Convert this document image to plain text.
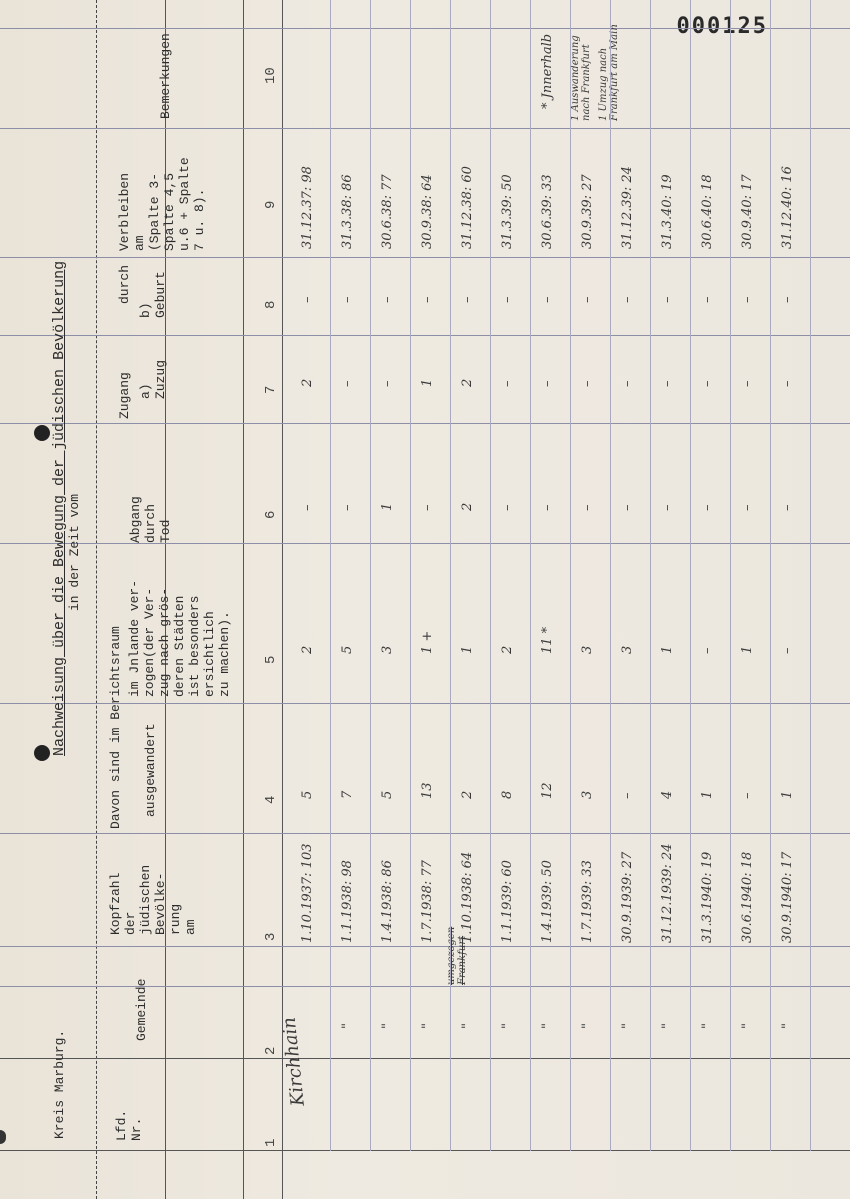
000125
Kreis Marburg.
Nachweisung über die Bewegung der jüdischen Bevölkerung in der Zeit vom
Lfd.
Nr.
Gemeinde
Kopfzahl
der
jüdischen
Bevölke-
rung
am
Davon sind im Berichtsraum ausgewandert
im Jnlande ver-
zogen(der Ver-
zug nach grös-
deren Städten
ist besonders
ersichtlich
zu machen).
Abgang
durch
Tod
Zugang
durch
a)
Zuzug
b)
Geburt
Verbleiben
am
(Spalte 3-
Spalte 4,5
u.6 + Spalte
7 u. 8).
Bemerkungen
1
2
3
4
5
6
7
8
9
10
Kirchhain
umgezogen
Frankfurt
* Jnnerhalb
1 Auswanderung
nach Frankfurt
1 Umzug nach
Frankfurt am Main
1.10.1937: 103
5
2
–
2
–
31.12.37: 98
"
1.1.1938: 98
7
5
–
–
–
31.3.38: 86
"
1.4.1938: 86
5
3
1
–
–
30.6.38: 77
"
1.7.1938: 77
13
1 +
–
1
–
30.9.38: 64
"
1.10.1938: 64
2
1
2
2
–
31.12.38: 60
"
1.1.1939: 60
8
2
–
–
–
31.3.39: 50
"
1.4.1939: 50
12
11 *
–
–
–
30.6.39: 33
"
1.7.1939: 33
3
3
–
–
–
30.9.39: 27
"
30.9.1939: 27
–
3
–
–
–
31.12.39: 24
"
31.12.1939: 24
4
1
–
–
–
31.3.40: 19
"
31.3.1940: 19
1
–
–
–
–
30.6.40: 18
"
30.6.1940: 18
–
1
–
–
–
30.9.40: 17
"
30.9.1940: 17
1
–
–
–
–
31.12.40: 16
